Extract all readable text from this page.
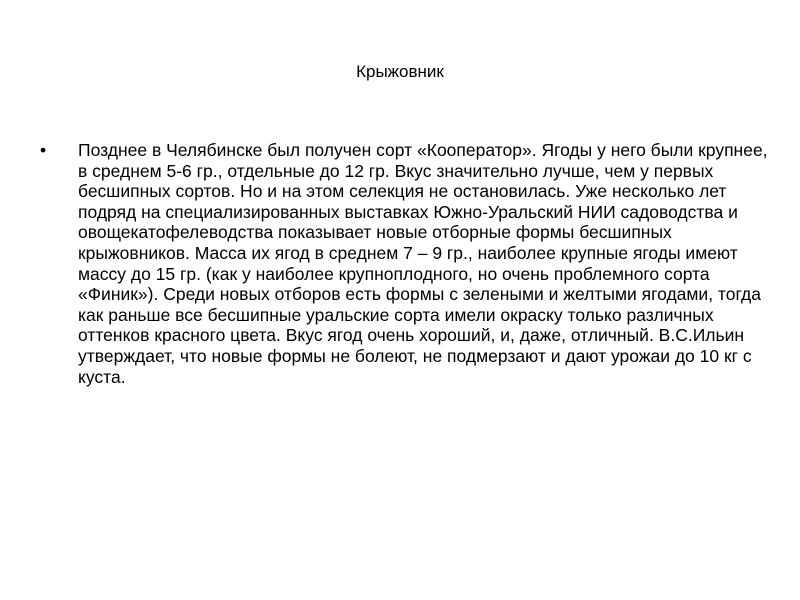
Крыжовник
•	Позднее в Челябинске был получен сорт «Кооператор». Ягоды у него были крупнее, в среднем 5-6 гр., отдельные до 12 гр. Вкус значительно лучше, чем у первых бесшипных сортов. Но и на этом селекция не остановилась. Уже несколько лет подряд на специализированных выставках Южно-Уральский НИИ садоводства и овощекатофелеводства показывает новые отборные формы бесшипных крыжовников. Масса их ягод в среднем 7 – 9 гр., наиболее крупные ягоды имеют массу до 15 гр. (как у наиболее крупноплодного, но очень проблемного сорта «Финик»). Среди новых отборов есть формы с зелеными и желтыми ягодами, тогда как раньше все бесшипные уральские сорта имели окраску только различных оттенков красного цвета. Вкус ягод очень хороший, и, даже, отличный. В.С.Ильин утверждает, что новые формы не болеют, не подмерзают и дают урожаи до 10 кг с куста.
